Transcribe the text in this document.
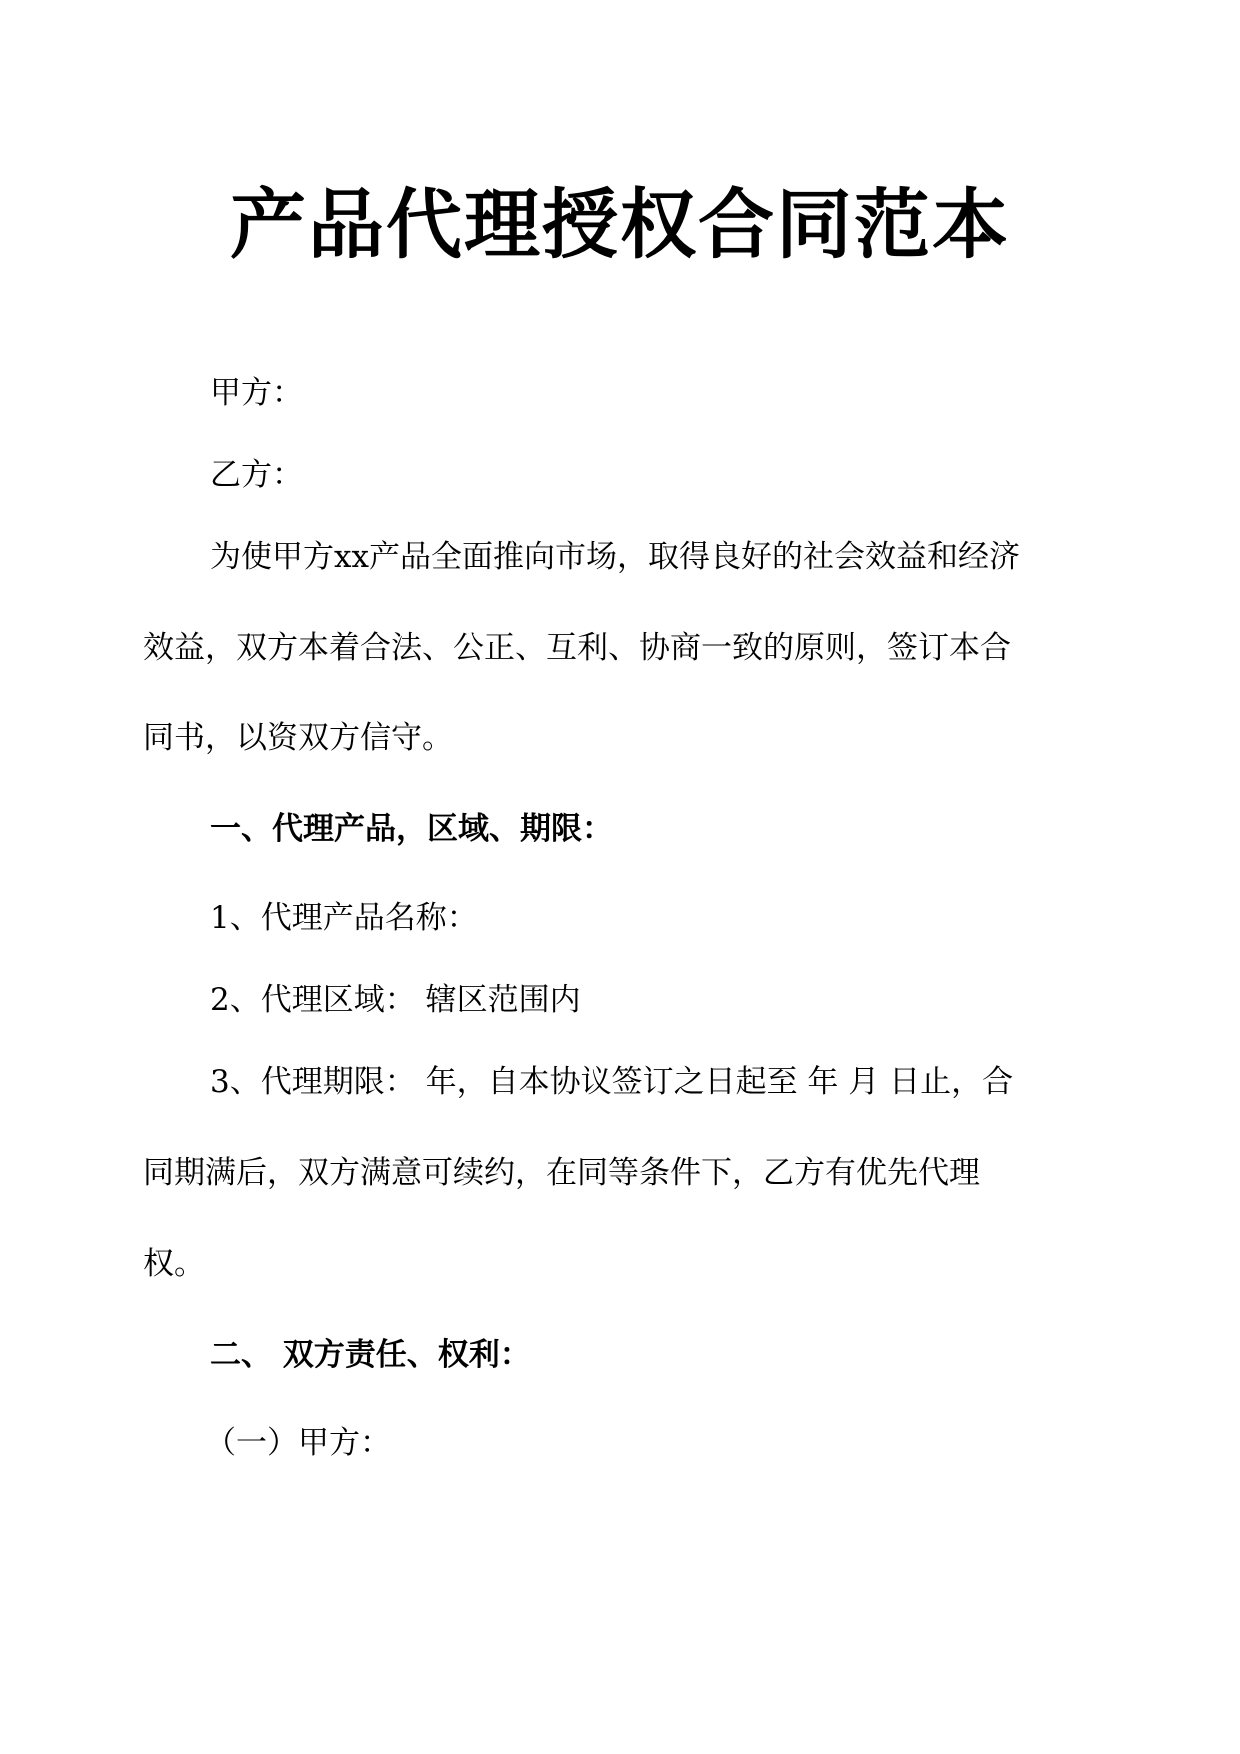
产品代理授权合同范本
甲方：
乙方：
为使甲方xx产品全面推向市场，取得良好的社会效益和经济
效益，双方本着合法、公正、互利、协商一致的原则，签订本合
同书，以资双方信守。
一、代理产品，区域、期限：
1、代理产品名称：
2、代理区域： 辖区范围内
3、代理期限： 年，自本协议签订之日起至 年 月 日止，合
同期满后，双方满意可续约，在同等条件下，乙方有优先代理
权。
二、 双方责任、权利：
（一）甲方：
